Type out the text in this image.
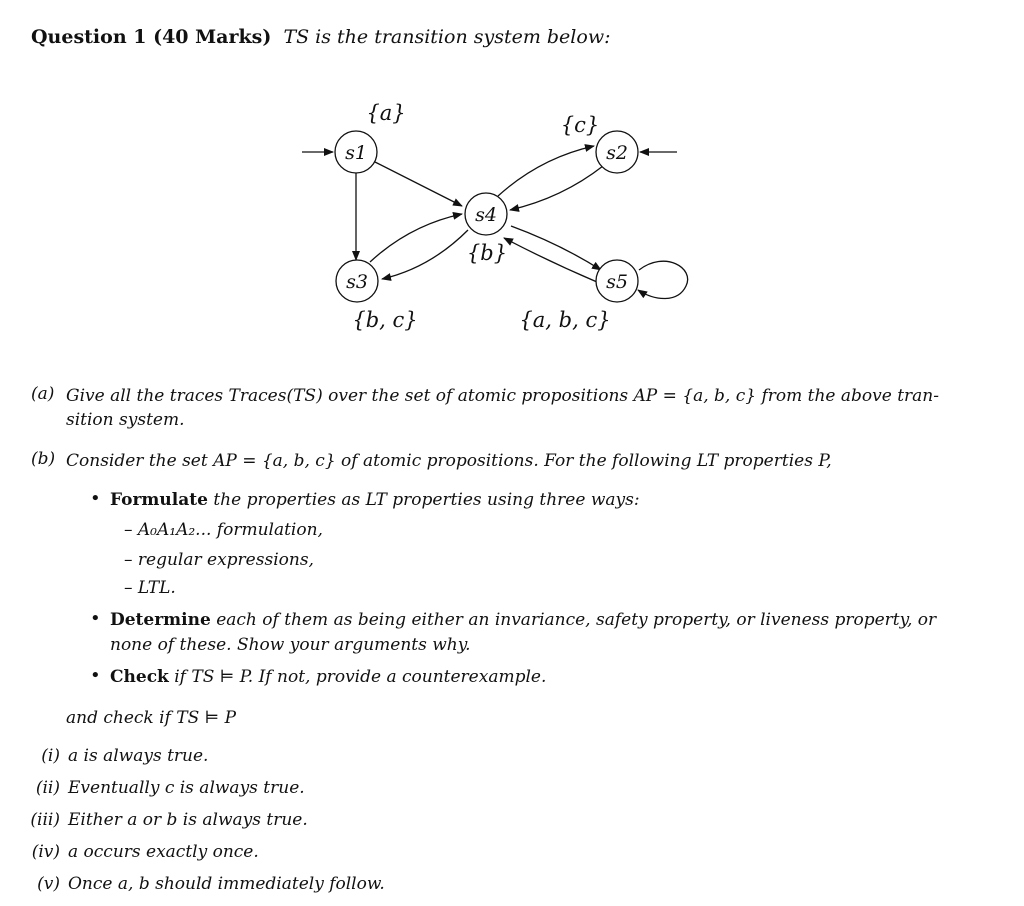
Question 1 (40 Marks) TS is the transition system below:
s1
{a}
s2
{c}
s4
{b}
s3
{b, c}
s5
{a, b, c}
(a) Give all the traces Traces(TS) over the set of atomic propositions AP = {a, b, c} from the above tran-
sition system.
(b) Consider the set AP = {a, b, c} of atomic propositions. For the following LT properties P,
• Formulate the properties as LT properties using three ways:
– A₀A₁A₂... formulation,
– regular expressions,
– LTL.
• Determine each of them as being either an invariance, safety property, or liveness property, or
none of these. Show your arguments why.
• Check if TS ⊨ P. If not, provide a counterexample.
and check if TS ⊨ P
(i) a is always true.
(ii) Eventually c is always true.
(iii) Either a or b is always true.
(iv) a occurs exactly once.
(v) Once a, b should immediately follow.
